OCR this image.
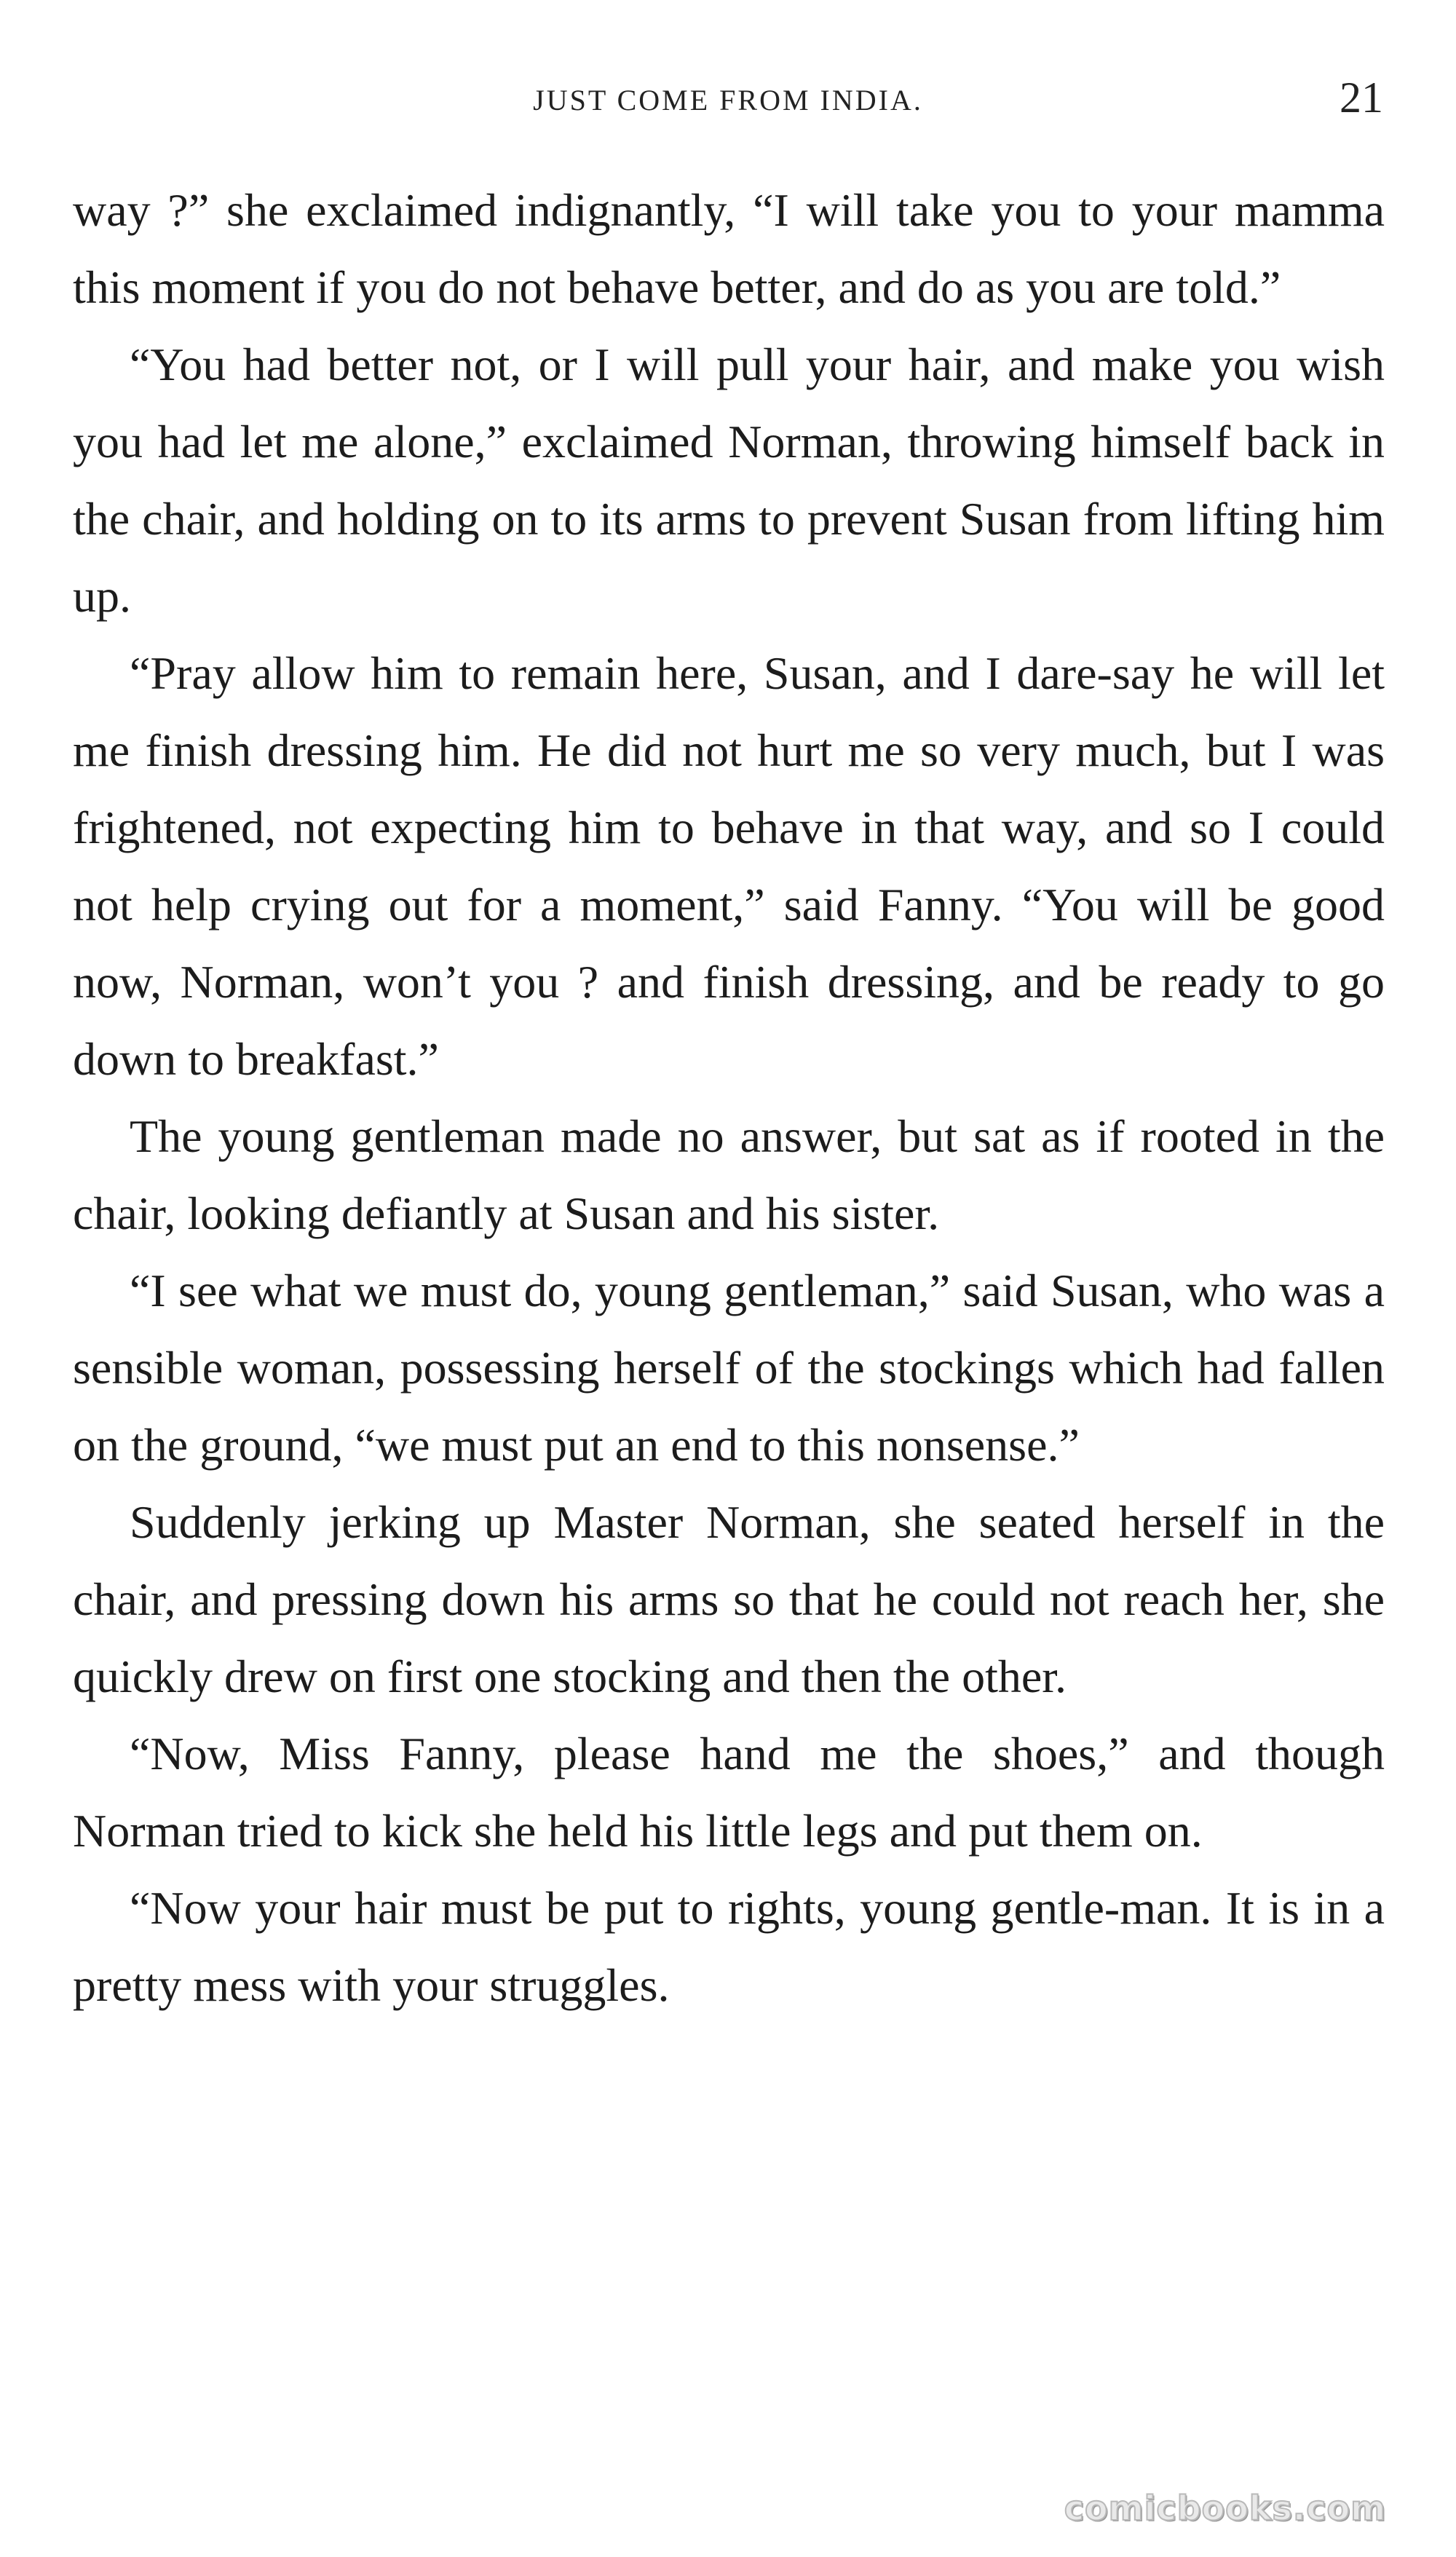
JUST COME FROM INDIA.	21

way ?” she exclaimed indignantly, “I will take you to your mamma this moment if you do not behave better, and do as you are told.”

“You had better not, or I will pull your hair, and make you wish you had let me alone,” exclaimed Norman, throwing himself back in the chair, and holding on to its arms to prevent Susan from lifting him up.

“Pray allow him to remain here, Susan, and I dare-say he will let me finish dressing him. He did not hurt me so very much, but I was frightened, not expecting him to behave in that way, and so I could not help crying out for a moment,” said Fanny. “You will be good now, Norman, won’t you ? and finish dressing, and be ready to go down to breakfast.”

The young gentleman made no answer, but sat as if rooted in the chair, looking defiantly at Susan and his sister.

“I see what we must do, young gentleman,” said Susan, who was a sensible woman, possessing herself of the stockings which had fallen on the ground, “we must put an end to this nonsense.”

Suddenly jerking up Master Norman, she seated herself in the chair, and pressing down his arms so that he could not reach her, she quickly drew on first one stocking and then the other.

“Now, Miss Fanny, please hand me the shoes,” and though Norman tried to kick she held his little legs and put them on.

“Now your hair must be put to rights, young gentle-man. It is in a pretty mess with your struggles.

comicbooks.com
